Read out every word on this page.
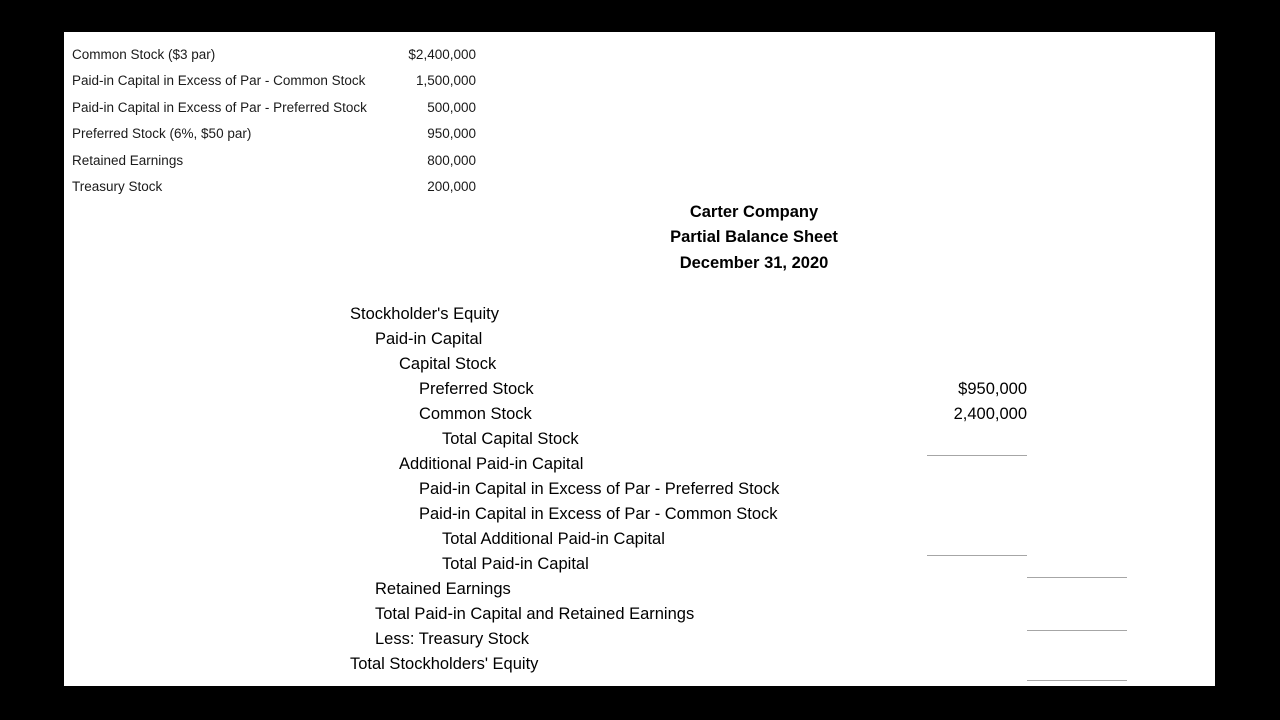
Common Stock ($3 par)	$2,400,000
Paid-in Capital in Excess of Par - Common Stock	1,500,000
Paid-in Capital in Excess of Par - Preferred Stock	500,000
Preferred Stock (6%, $50 par)	950,000
Retained Earnings	800,000
Treasury Stock	200,000
Carter Company
Partial Balance Sheet
December 31, 2020
Stockholder's Equity
Paid-in Capital
Capital Stock
Preferred Stock	$950,000
Common Stock	2,400,000
Total Capital Stock
Additional Paid-in Capital
Paid-in Capital in Excess of Par - Preferred Stock
Paid-in Capital in Excess of Par - Common Stock
Total Additional Paid-in Capital
Total Paid-in Capital
Retained Earnings
Total Paid-in Capital and Retained Earnings
Less: Treasury Stock
Total Stockholders' Equity
